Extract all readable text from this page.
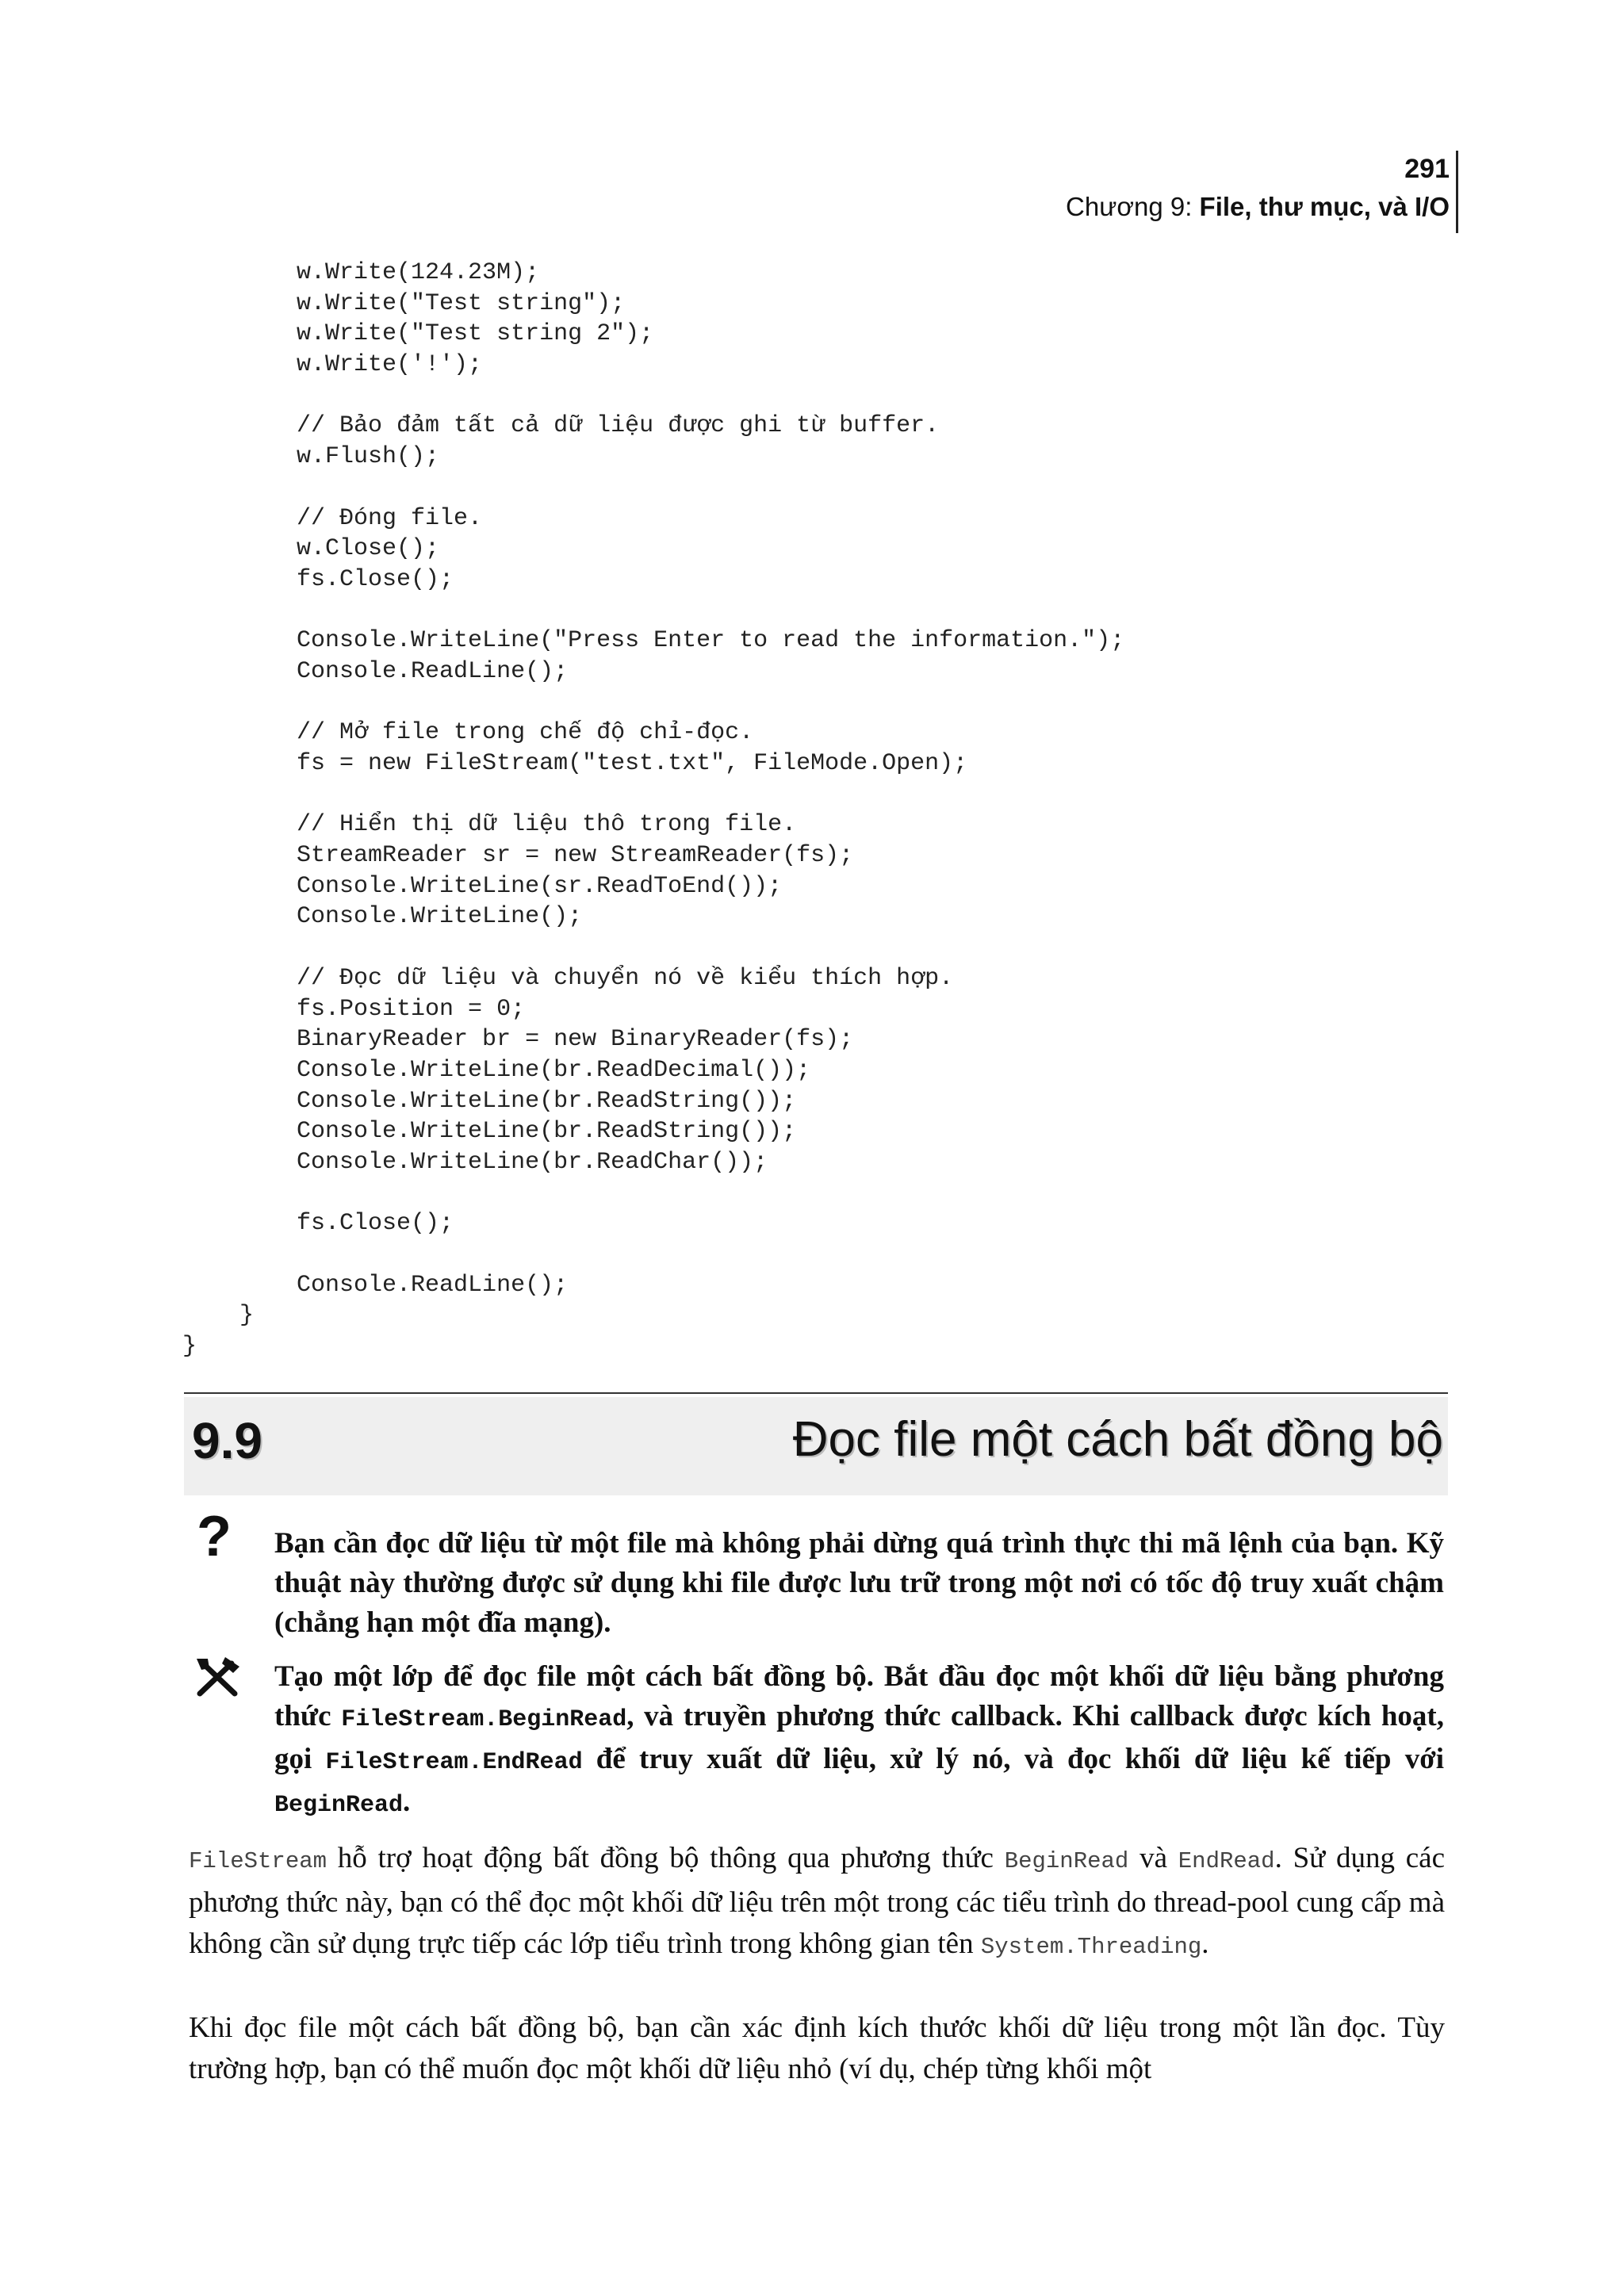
291
Chương 9: File, thư mục, và I/O
w.Write(124.23M);
w.Write("Test string");
w.Write("Test string 2");
w.Write('!');
// Bảo đảm tất cả dữ liệu được ghi từ buffer.
w.Flush();
// Đóng file.
w.Close();
fs.Close();
Console.WriteLine("Press Enter to read the information.");
Console.ReadLine();
// Mở file trong chế độ chỉ-đọc.
fs = new FileStream("test.txt", FileMode.Open);
// Hiển thị dữ liệu thô trong file.
StreamReader sr = new StreamReader(fs);
Console.WriteLine(sr.ReadToEnd());
Console.WriteLine();
// Đọc dữ liệu và chuyển nó về kiểu thích hợp.
fs.Position = 0;
BinaryReader br = new BinaryReader(fs);
Console.WriteLine(br.ReadDecimal());
Console.WriteLine(br.ReadString());
Console.WriteLine(br.ReadString());
Console.WriteLine(br.ReadChar());
fs.Close();
Console.ReadLine();
}
}
9.9	Đọc file một cách bất đồng bộ
? Bạn cần đọc dữ liệu từ một file mà không phải dừng quá trình thực thi mã lệnh của bạn. Kỹ thuật này thường được sử dụng khi file được lưu trữ trong một nơi có tốc độ truy xuất chậm (chẳng hạn một đĩa mạng).

Tạo một lớp để đọc file một cách bất đồng bộ. Bắt đầu đọc một khối dữ liệu bằng phương thức FileStream.BeginRead, và truyền phương thức callback. Khi callback được kích hoạt, gọi FileStream.EndRead để truy xuất dữ liệu, xử lý nó, và đọc khối dữ liệu kế tiếp với BeginRead.

FileStream hỗ trợ hoạt động bất đồng bộ thông qua phương thức BeginRead và EndRead. Sử dụng các phương thức này, bạn có thể đọc một khối dữ liệu trên một trong các tiểu trình do thread-pool cung cấp mà không cần sử dụng trực tiếp các lớp tiểu trình trong không gian tên System.Threading.

Khi đọc file một cách bất đồng bộ, bạn cần xác định kích thước khối dữ liệu trong một lần đọc. Tùy trường hợp, bạn có thể muốn đọc một khối dữ liệu nhỏ (ví dụ, chép từng khối một
